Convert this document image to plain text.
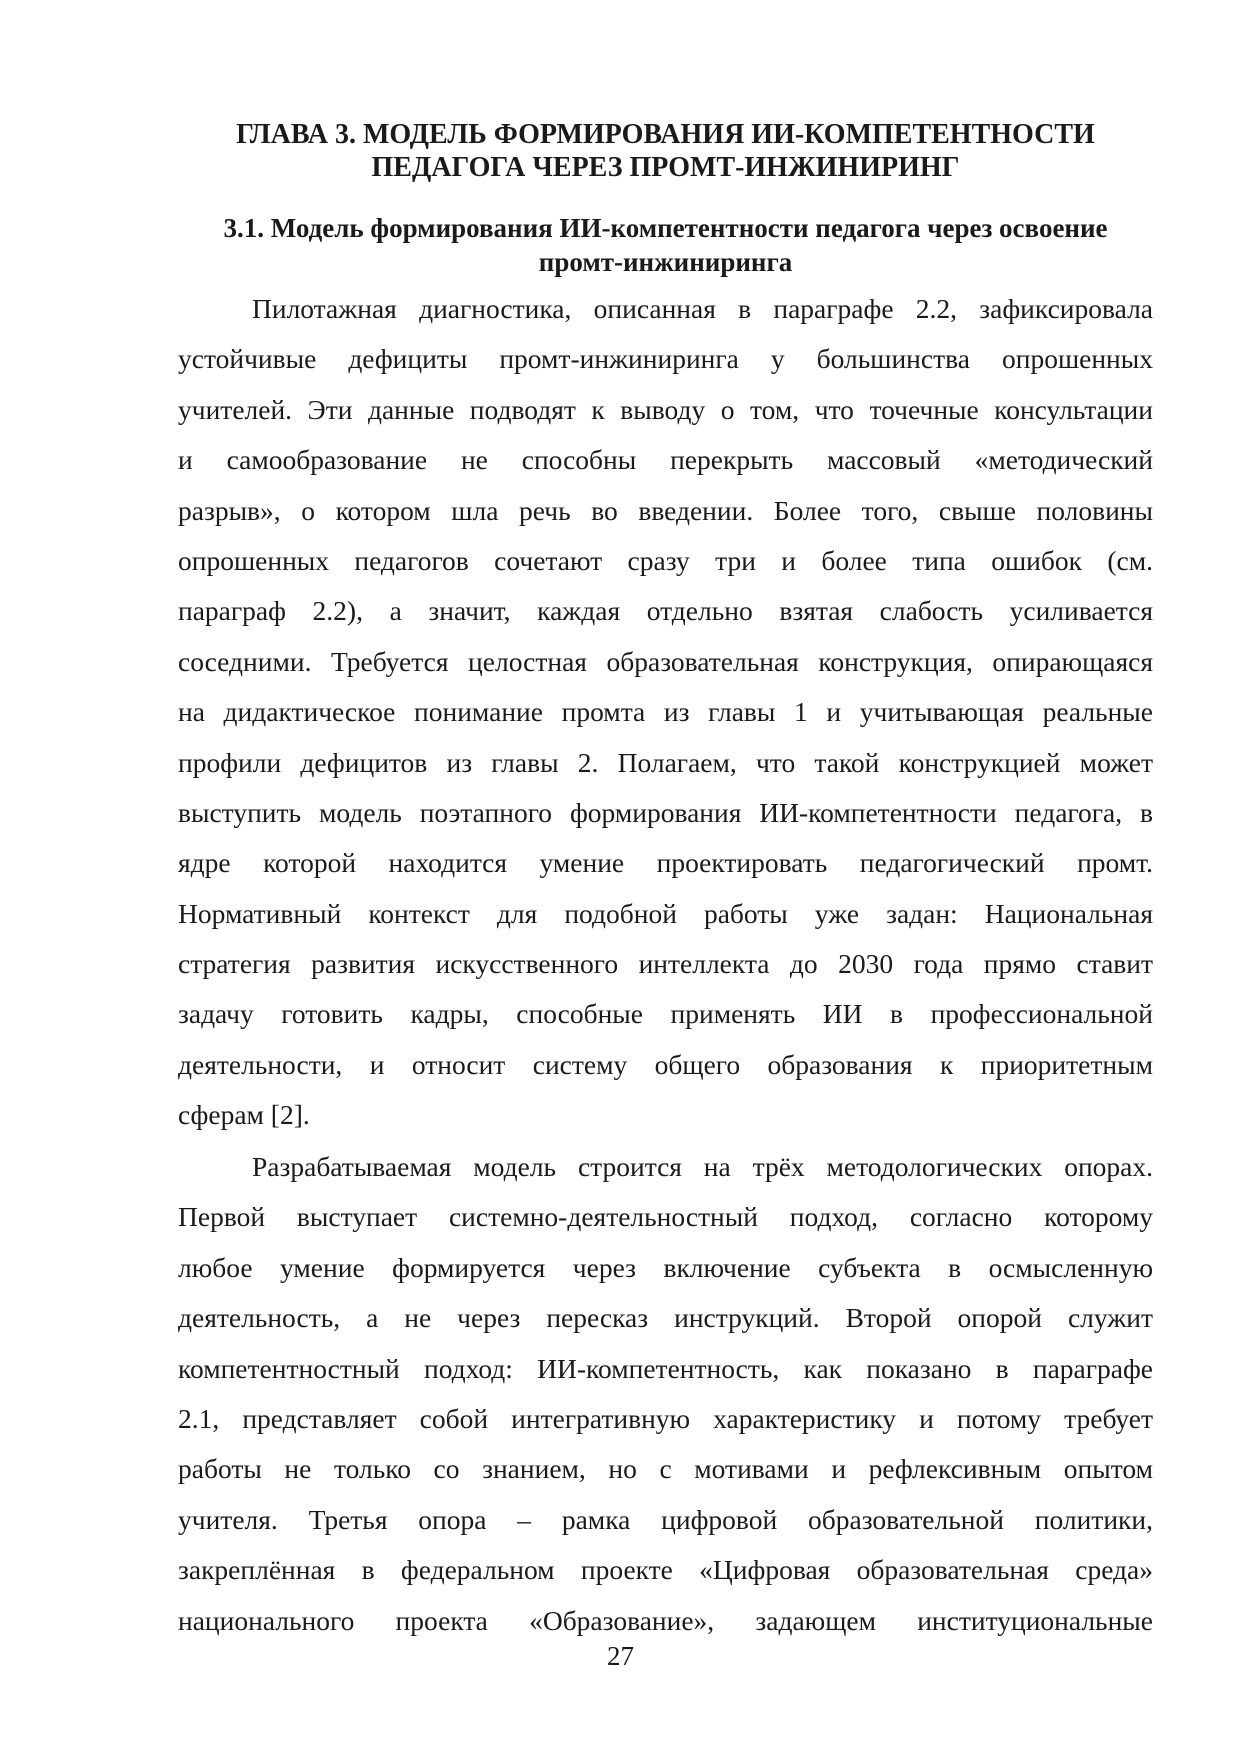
ГЛАВА 3. МОДЕЛЬ ФОРМИРОВАНИЯ ИИ-КОМПЕТЕНТНОСТИ
ПЕДАГОГА ЧЕРЕЗ ПРОМТ-ИНЖИНИРИНГ
3.1. Модель формирования ИИ-компетентности педагога через освоение
промт-инжиниринга

Пилотажная диагностика, описанная в параграфе 2.2, зафиксировала
устойчивые дефициты промт-инжиниринга у большинства опрошенных
учителей. Эти данные подводят к выводу о том, что точечные консультации
и самообразование не способны перекрыть массовый «методический
разрыв», о котором шла речь во введении. Более того, свыше половины
опрошенных педагогов сочетают сразу три и более типа ошибок (см.
параграф 2.2), а значит, каждая отдельно взятая слабость усиливается
соседними. Требуется целостная образовательная конструкция, опирающаяся
на дидактическое понимание промта из главы 1 и учитывающая реальные
профили дефицитов из главы 2. Полагаем, что такой конструкцией может
выступить модель поэтапного формирования ИИ-компетентности педагога, в
ядре которой находится умение проектировать педагогический промт.
Нормативный контекст для подобной работы уже задан: Национальная
стратегия развития искусственного интеллекта до 2030 года прямо ставит
задачу готовить кадры, способные применять ИИ в профессиональной
деятельности, и относит систему общего образования к приоритетным
сферам [2].

Разрабатываемая модель строится на трёх методологических опорах.
Первой выступает системно-деятельностный подход, согласно которому
любое умение формируется через включение субъекта в осмысленную
деятельность, а не через пересказ инструкций. Второй опорой служит
компетентностный подход: ИИ-компетентность, как показано в параграфе
2.1, представляет собой интегративную характеристику и потому требует
работы не только со знанием, но с мотивами и рефлексивным опытом
учителя. Третья опора – рамка цифровой образовательной политики,
закреплённая в федеральном проекте «Цифровая образовательная среда»
национального проекта «Образование», задающем институциональные

27
